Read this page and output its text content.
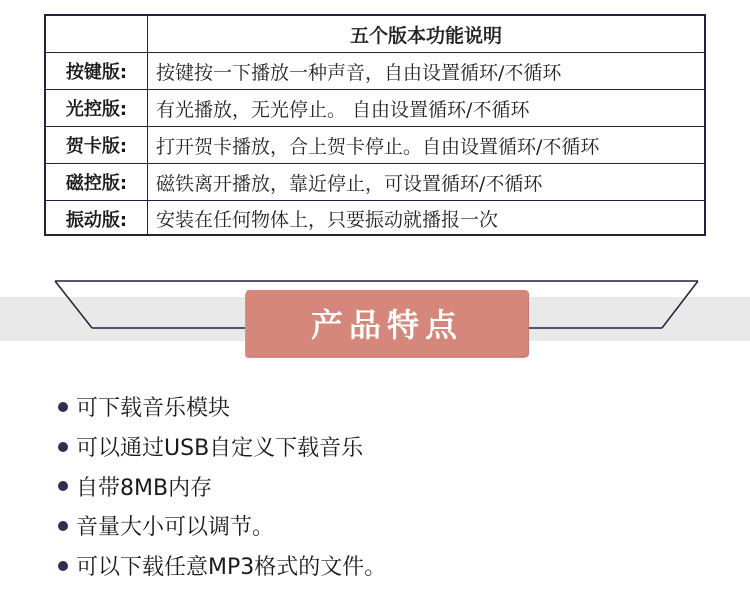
五个版本功能说明
按键版:	按键按一下播放一种声音，自由设置循环/不循环
光控版:	有光播放，无光停止。 自由设置循环/不循环
贺卡版:	打开贺卡播放，合上贺卡停止。自由设置循环/不循环
磁控版:	磁铁离开播放，靠近停止，可设置循环/不循环
振动版:	安装在任何物体上，只要振动就播报一次
产品特点
可下载音乐模块
可以通过USB自定义下载音乐
自带8MB内存
音量大小可以调节。
可以下载任意MP3格式的文件。
